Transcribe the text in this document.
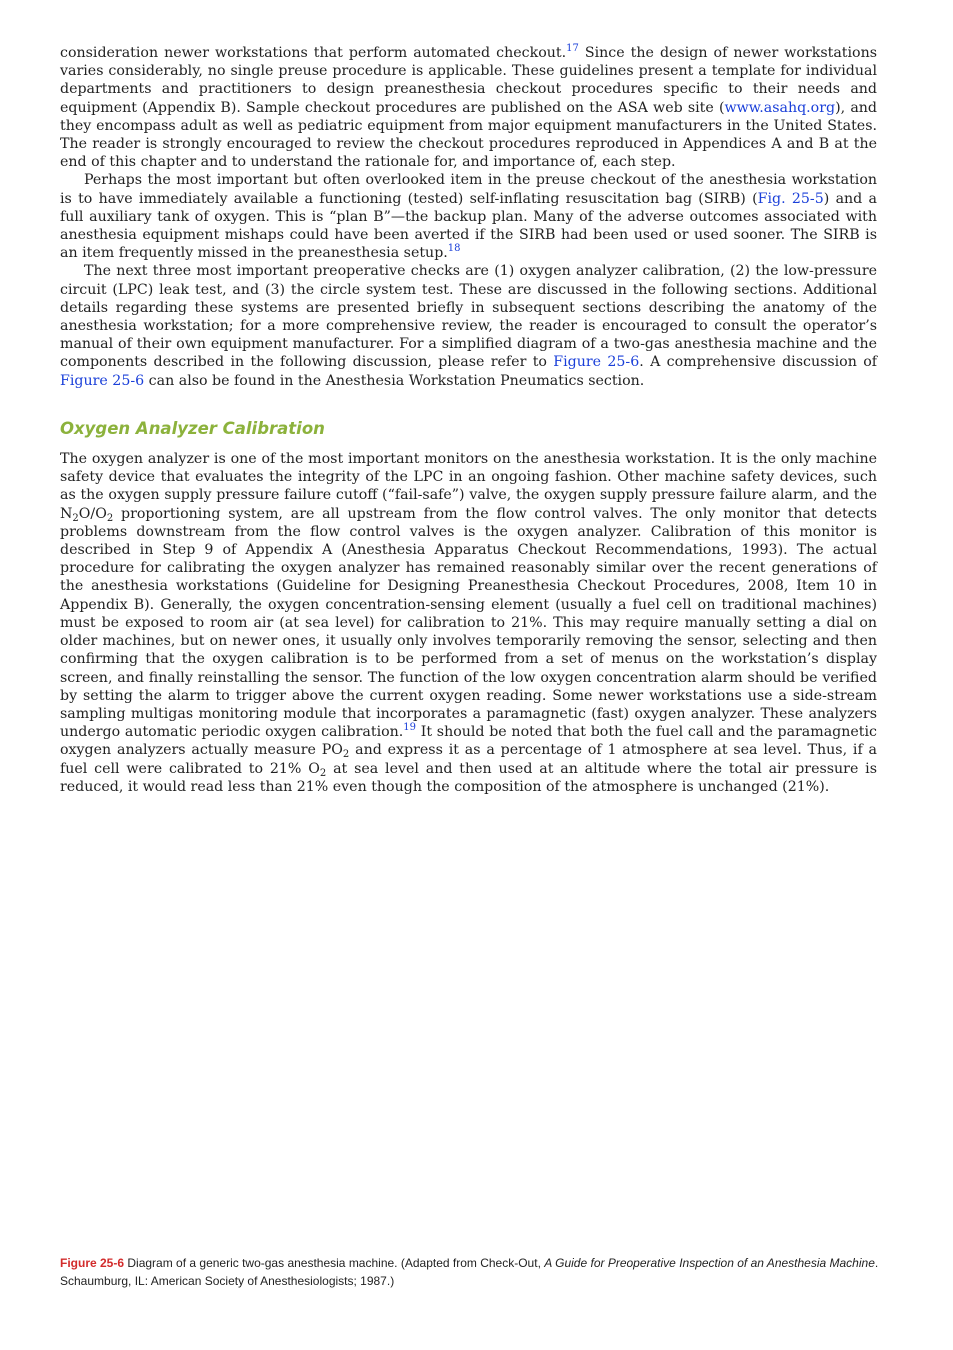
consideration newer workstations that perform automated checkout.$^{17}$ Since the design of newer workstations varies considerably, no single preuse procedure is applicable. These guidelines present a template for individual departments and practitioners to design preanesthesia checkout procedures specific to their needs and equipment (Appendix B). Sample checkout procedures are published on the ASA web site (www.asahq.org), and they encompass adult as well as pediatric equipment from major equipment manufacturers in the United States. The reader is strongly encouraged to review the checkout procedures reproduced in Appendices A and B at the end of this chapter and to understand the rationale for, and importance of, each step.

Perhaps the most important but often overlooked item in the preuse checkout of the anesthesia workstation is to have immediately available a functioning (tested) self-inflating resuscitation bag (SIRB) (Fig. 25-5) and a full auxiliary tank of oxygen. This is “plan B”—the backup plan. Many of the adverse outcomes associated with anesthesia equipment mishaps could have been averted if the SIRB had been used or used sooner. The SIRB is an item frequently missed in the preanesthesia setup.$^{18}$

The next three most important preoperative checks are (1) oxygen analyzer calibration, (2) the low-pressure circuit (LPC) leak test, and (3) the circle system test. These are discussed in the following sections. Additional details regarding these systems are presented briefly in subsequent sections describing the anatomy of the anesthesia workstation; for a more comprehensive review, the reader is encouraged to consult the operator’s manual of their own equipment manufacturer. For a simplified diagram of a two-gas anesthesia machine and the components described in the following discussion, please refer to Figure 25-6. A comprehensive discussion of Figure 25-6 can also be found in the Anesthesia Workstation Pneumatics section.

Oxygen Analyzer Calibration

The oxygen analyzer is one of the most important monitors on the anesthesia workstation. It is the only machine safety device that evaluates the integrity of the LPC in an ongoing fashion. Other machine safety devices, such as the oxygen supply pressure failure cutoff (“fail-safe”) valve, the oxygen supply pressure failure alarm, and the $N_2O/O_2$ proportioning system, are all upstream from the flow control valves. The only monitor that detects problems downstream from the flow control valves is the oxygen analyzer. Calibration of this monitor is described in Step 9 of Appendix A (Anesthesia Apparatus Checkout Recommendations, 1993). The actual procedure for calibrating the oxygen analyzer has remained reasonably similar over the recent generations of the anesthesia workstations (Guideline for Designing Preanesthesia Checkout Procedures, 2008, Item 10 in Appendix B). Generally, the oxygen concentration-sensing element (usually a fuel cell on traditional machines) must be exposed to room air (at sea level) for calibration to 21%. This may require manually setting a dial on older machines, but on newer ones, it usually only involves temporarily removing the sensor, selecting and then confirming that the oxygen calibration is to be performed from a set of menus on the workstation’s display screen, and finally reinstalling the sensor. The function of the low oxygen concentration alarm should be verified by setting the alarm to trigger above the current oxygen reading. Some newer workstations use a side-stream sampling multigas monitoring module that incorporates a paramagnetic (fast) oxygen analyzer. These analyzers undergo automatic periodic oxygen calibration.$^{19}$ It should be noted that both the fuel call and the paramagnetic oxygen analyzers actually measure $PO_2$ and express it as a percentage of 1 atmosphere at sea level. Thus, if a fuel cell were calibrated to 21% $O_2$ at sea level and then used at an altitude where the total air pressure is reduced, it would read less than 21% even though the composition of the atmosphere is unchanged (21%).

Figure 25-6 Diagram of a generic two-gas anesthesia machine. (Adapted from Check-Out, A Guide for Preoperative Inspection of an Anesthesia Machine. Schaumburg, IL: American Society of Anesthesiologists; 1987.)
